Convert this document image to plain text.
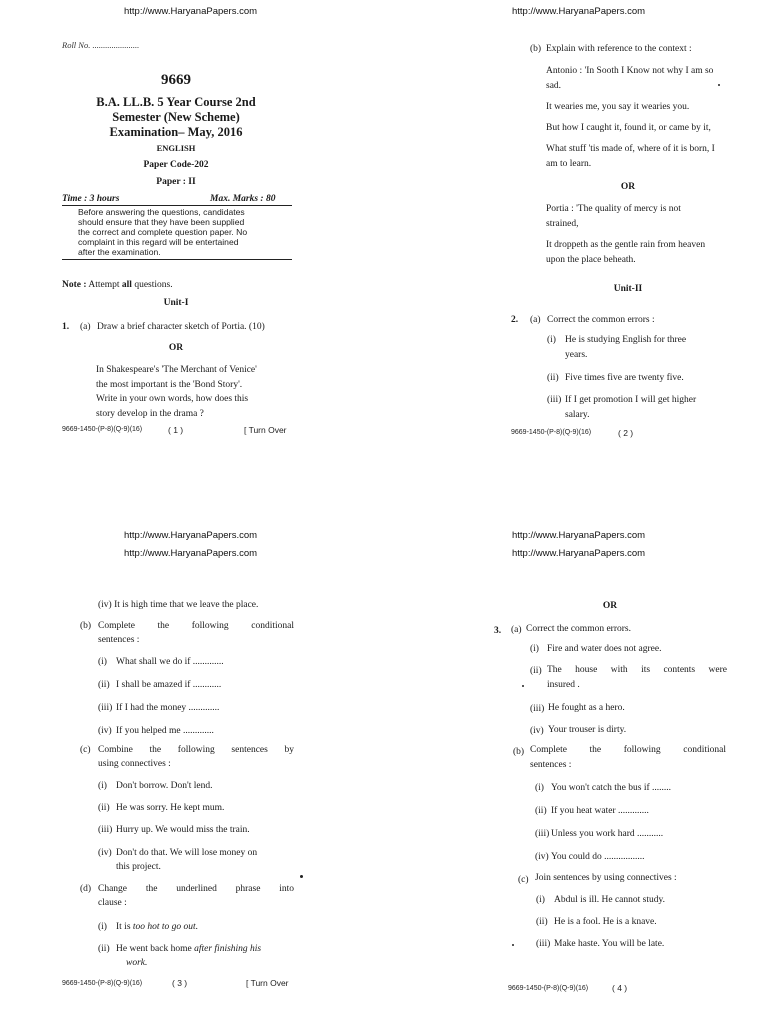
http://www.HaryanaPapers.com
Roll No. ......................
9669
B.A. LL.B. 5 Year Course 2nd
Semester (New Scheme)
Examination– May, 2016
ENGLISH
Paper Code-202
Paper : II
Time : 3 hours	Max. Marks : 80
Before answering the questions, candidates
should ensure that they have been supplied
the correct and complete question paper. No
complaint in this regard will be entertained
after the examination.
Note : Attempt all questions.
Unit-I
1. (a) Draw a brief character sketch of Portia. (10)
OR
In Shakespeare's 'The Merchant of Venice'
the most important is the 'Bond Story'.
Write in your own words, how does this
story develop in the drama ?
9669-1450-(P-8)(Q-9)(16)	( 1 )	[ Turn Over
http://www.HaryanaPapers.com
(b) Explain with reference to the context :
Antonio : 'In Sooth I Know not why I am so
sad.
It wearies me, you say it wearies you.
But how I caught it, found it, or came by it,
What stuff 'tis made of, where of it is born, I
am to learn.
OR
Portia : 'The quality of mercy is not
strained,
It droppeth as the gentle rain from heaven
upon the place beheath.
Unit-II
2. (a) Correct the common errors :
(i) He is studying English for three
years.
(ii) Five times five are twenty five.
(iii) If I get promotion I will get higher
salary.
9669-1450-(P-8)(Q-9)(16)	( 2 )
http://www.HaryanaPapers.com
http://www.HaryanaPapers.com
(iv) It is high time that we leave the place.
(b) Complete the following conditional
sentences :
(i) What shall we do if .............
(ii) I shall be amazed if ............
(iii) If I had the money .............
(iv) If you helped me .............
(c) Combine the following sentences by
using connectives :
(i) Don't borrow. Don't lend.
(ii) He was sorry. He kept mum.
(iii) Hurry up. We would miss the train.
(iv) Don't do that. We will lose money on
this project.
(d) Change the underlined phrase into
clause :
(i) It is too hot to go out.
(ii) He went back home after finishing his
work.
9669-1450-(P-8)(Q-9)(16)	( 3 )	[ Turn Over
http://www.HaryanaPapers.com
http://www.HaryanaPapers.com
OR
3. (a) Correct the common errors.
(i) Fire and water does not agree.
(ii) The house with its contents were
insured .
(iii) He fought as a hero.
(iv) Your trouser is dirty.
(b) Complete the following conditional
sentences :
(i) You won't catch the bus if ........
(ii) If you heat water .............
(iii) Unless you work hard ...........
(iv) You could do .................
(c) Join sentences by using connectives :
(i) Abdul is ill. He cannot study.
(ii) He is a fool. He is a knave.
(iii) Make haste. You will be late.
9669-1450-(P-8)(Q-9)(16)	( 4 )
